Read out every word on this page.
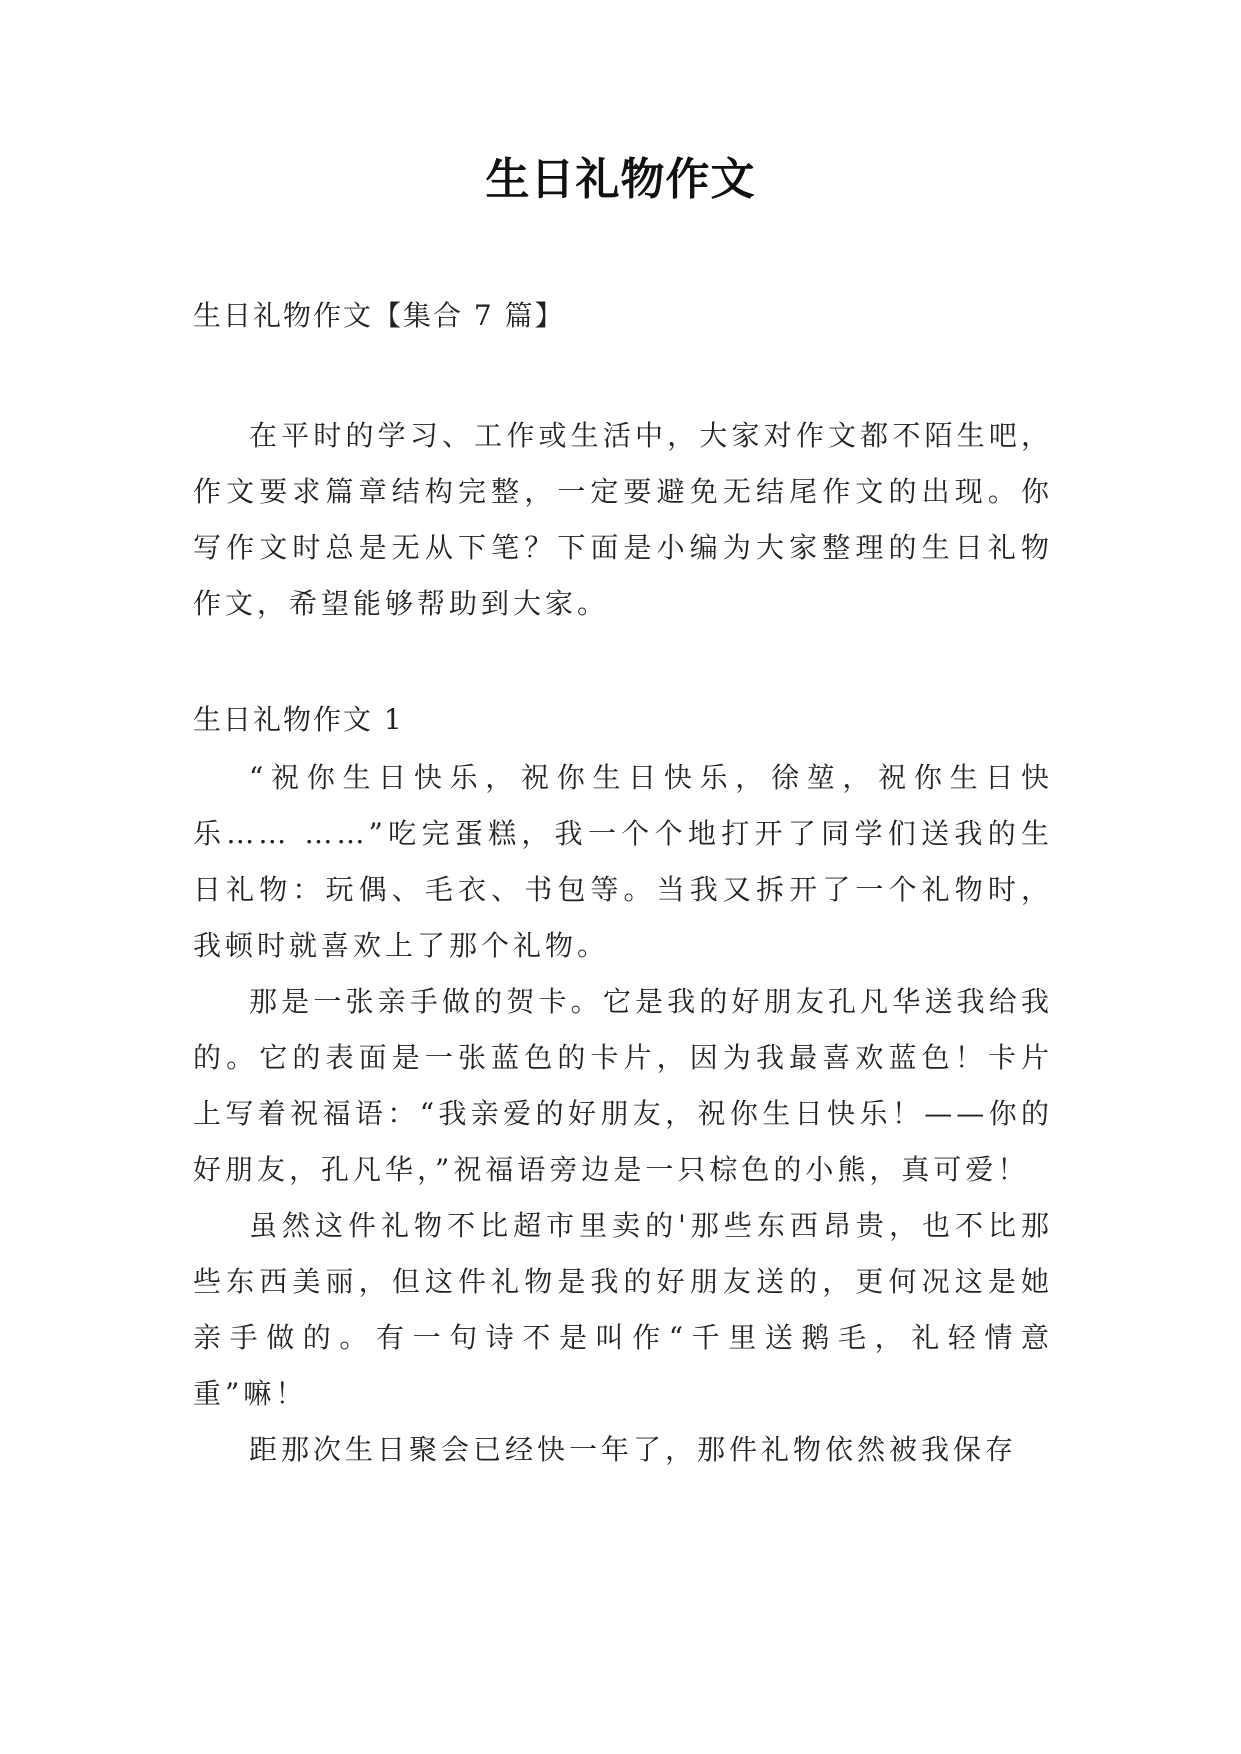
生日礼物作文
生日礼物作文【集合 7 篇】

在平时的学习、工作或生活中，大家对作文都不陌生吧，作文要求篇章结构完整，一定要避免无结尾作文的出现。你写作文时总是无从下笔？下面是小编为大家整理的生日礼物作文，希望能够帮助到大家。

生日礼物作文 1

“祝你生日快乐，祝你生日快乐，徐堃，祝你生日快乐…… ……”吃完蛋糕，我一个个地打开了同学们送我的生日礼物：玩偶、毛衣、书包等。当我又拆开了一个礼物时，我顿时就喜欢上了那个礼物。

那是一张亲手做的贺卡。它是我的好朋友孔凡华送我给我的。它的表面是一张蓝色的卡片，因为我最喜欢蓝色！卡片上写着祝福语：“我亲爱的好朋友，祝你生日快乐！——你的好朋友，孔凡华，”祝福语旁边是一只棕色的小熊，真可爱！

虽然这件礼物不比超市里卖的'那些东西昂贵，也不比那些东西美丽，但这件礼物是我的好朋友送的，更何况这是她亲手做的。有一句诗不是叫作“千里送鹅毛，礼轻情意重”嘛！

距那次生日聚会已经快一年了，那件礼物依然被我保存
